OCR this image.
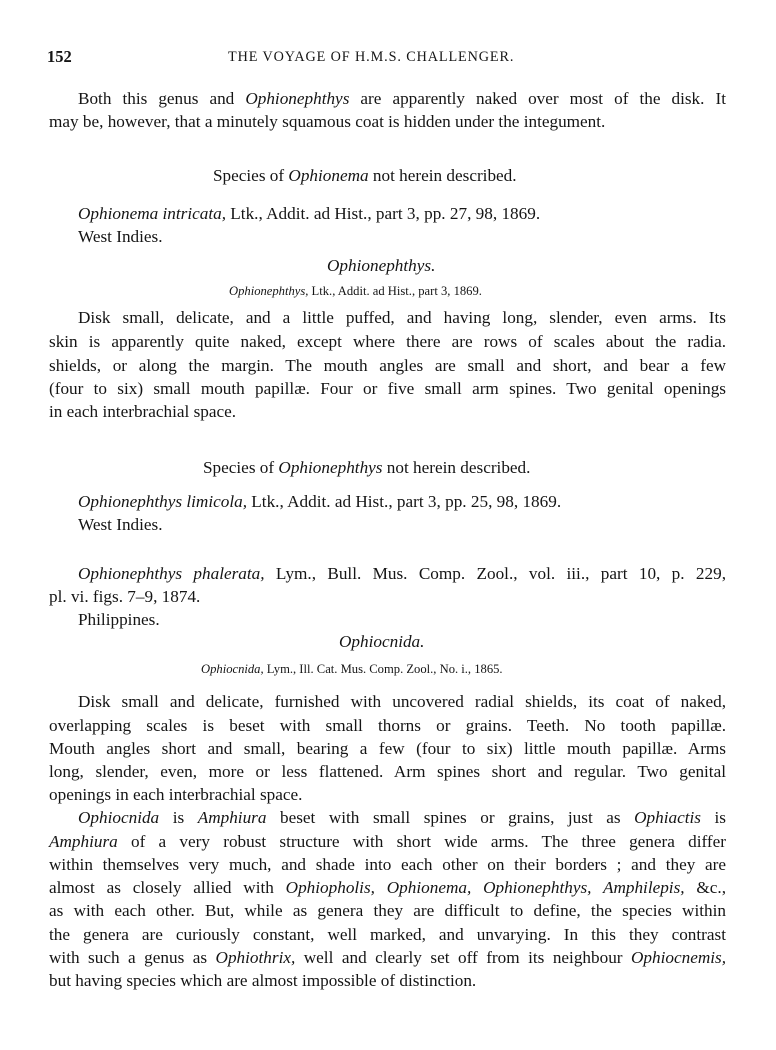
152	THE VOYAGE OF H.M.S. CHALLENGER.
Both this genus and Ophionephthys are apparently naked over most of the disk. It
may be, however, that a minutely squamous coat is hidden under the integument.
Species of Ophionema not herein described.
Ophionema intricata, Ltk., Addit. ad Hist., part 3, pp. 27, 98, 1869.
West Indies.
Ophionephthys.
Ophionephthys, Ltk., Addit. ad Hist., part 3, 1869.
Disk small, delicate, and a little puffed, and having long, slender, even arms. Its
skin is apparently quite naked, except where there are rows of scales about the radia.
shields, or along the margin. The mouth angles are small and short, and bear a few
(four to six) small mouth papillæ. Four or five small arm spines. Two genital openings
in each interbrachial space.
Species of Ophionephthys not herein described.
Ophionephthys limicola, Ltk., Addit. ad Hist., part 3, pp. 25, 98, 1869.
West Indies.
Ophionephthys phalerata, Lym., Bull. Mus. Comp. Zool., vol. iii., part 10, p. 229,
pl. vi. figs. 7–9, 1874.
Philippines.
Ophiocnida.
Ophiocnida, Lym., Ill. Cat. Mus. Comp. Zool., No. i., 1865.
Disk small and delicate, furnished with uncovered radial shields, its coat of naked,
overlapping scales is beset with small thorns or grains. Teeth. No tooth papillæ.
Mouth angles short and small, bearing a few (four to six) little mouth papillæ. Arms
long, slender, even, more or less flattened. Arm spines short and regular. Two genital
openings in each interbrachial space.
Ophiocnida is Amphiura beset with small spines or grains, just as Ophiactis is
Amphiura of a very robust structure with short wide arms. The three genera differ
within themselves very much, and shade into each other on their borders ; and they are
almost as closely allied with Ophiopholis, Ophionema, Ophionephthys, Amphilepis, &c.,
as with each other. But, while as genera they are difficult to define, the species within
the genera are curiously constant, well marked, and unvarying. In this they contrast
with such a genus as Ophiothrix, well and clearly set off from its neighbour Ophiocnemis,
but having species which are almost impossible of distinction.
